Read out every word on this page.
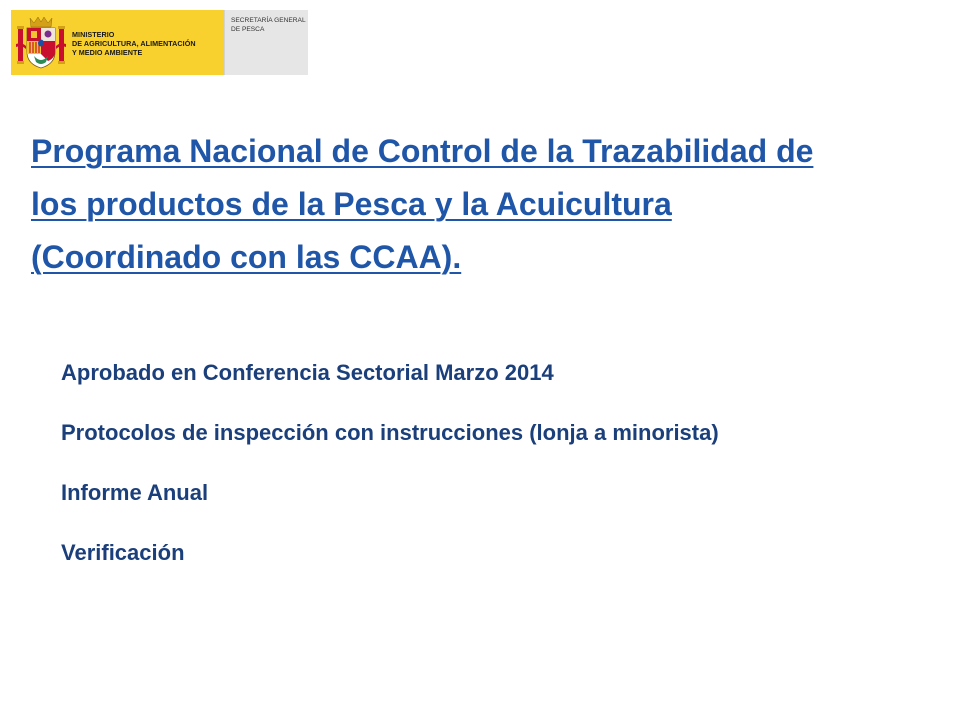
MINISTERIO
DE AGRICULTURA, ALIMENTACIÓN
Y MEDIO AMBIENTE

SECRETARÍA GENERAL
DE PESCA

Programa Nacional de Control de la Trazabilidad de
los productos de la Pesca y la Acuicultura
(Coordinado con las CCAA).
Aprobado en Conferencia Sectorial Marzo 2014
Protocolos de inspección con instrucciones (lonja a minorista)
Informe Anual
Verificación
